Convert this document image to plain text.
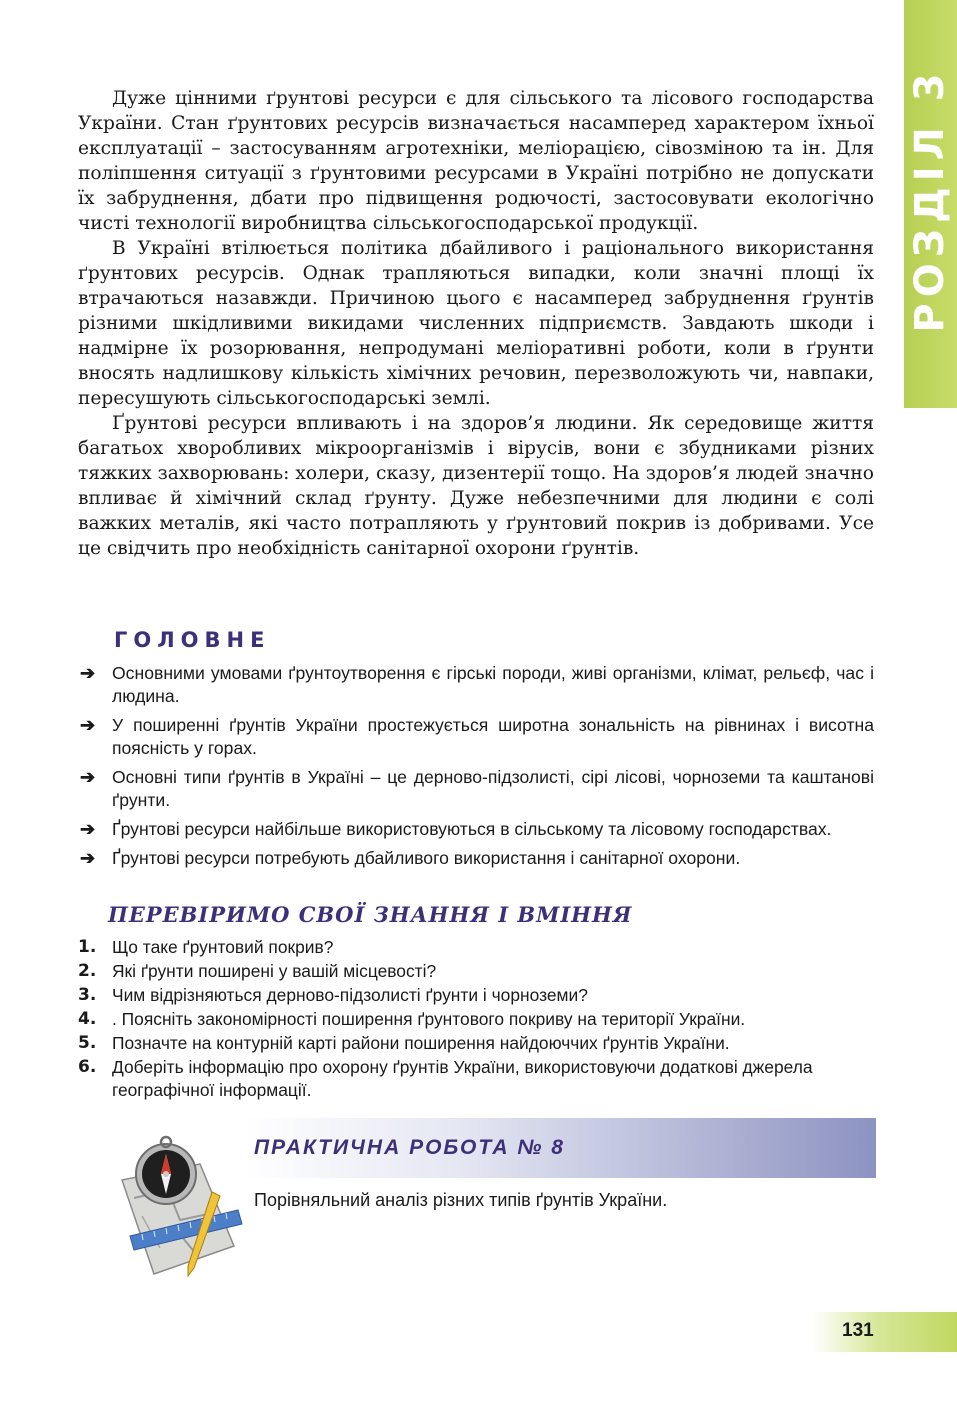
РОЗДІЛ 3

Дуже цінними ґрунтові ресурси є для сільського та лісового господарства України. Стан ґрунтових ресурсів визначається насамперед характером їхньої експлуатації – застосуванням агротехніки, меліорацією, сівозміною та ін. Для поліпшення ситуації з ґрунтовими ресурсами в Україні потрібно не допускати їх забруднення, дбати про підвищення родючості, застосовувати екологічно чисті технології виробництва сільськогосподарської продукції.

В Україні втілюється політика дбайливого і раціонального використання ґрунтових ресурсів. Однак трапляються випадки, коли значні площі їх втрачаються назавжди. Причиною цього є насамперед забруднення ґрунтів різними шкідливими викидами численних підприємств. Завдають шкоди і надмірне їх розорювання, непродумані меліоративні роботи, коли в ґрунти вносять надлишкову кількість хімічних речовин, перезволожують чи, навпаки, пересушують сільськогосподарські землі.

Ґрунтові ресурси впливають і на здоров’я людини. Як середовище життя багатьох хворобливих мікроорганізмів і вірусів, вони є збудниками різних тяжких захворювань: холери, сказу, дизентерії тощо. На здоров’я людей значно впливає й хімічний склад ґрунту. Дуже небезпечними для людини є солі важких металів, які часто потрапляють у ґрунтовий покрив із добривами. Усе це свідчить про необхідність санітарної охорони ґрунтів.

ГОЛОВНЕ
➔ Основними умовами ґрунтоутворення є гірські породи, живі організми, клімат, рельєф, час і людина.
➔ У поширенні ґрунтів України простежується широтна зональність на рівнинах і висотна поясність у горах.
➔ Основні типи ґрунтів в Україні – це дерново-підзолисті, сірі лісові, чорноземи та каштанові ґрунти.
➔ Ґрунтові ресурси найбільше використовуються в сільському та лісовому господарствах.
➔ Ґрунтові ресурси потребують дбайливого використання і санітарної охорони.
ПЕРЕВІРИМО СВОЇ ЗНАННЯ І ВМІННЯ
1. Що таке ґрунтовий покрив?
2. Які ґрунти поширені у вашій місцевості?
3. Чим відрізняються дерново-підзолисті ґрунти і чорноземи?
4. . Поясніть закономірності поширення ґрунтового покриву на території України.
5. Позначте на контурній карті райони поширення найдоюччих ґрунтів України.
6. Доберіть інформацію про охорону ґрунтів України, використовуючи додаткові джерела географічної інформації.
ПРАКТИЧНА РОБОТА № 8
Порівняльний аналіз різних типів ґрунтів України.
131
